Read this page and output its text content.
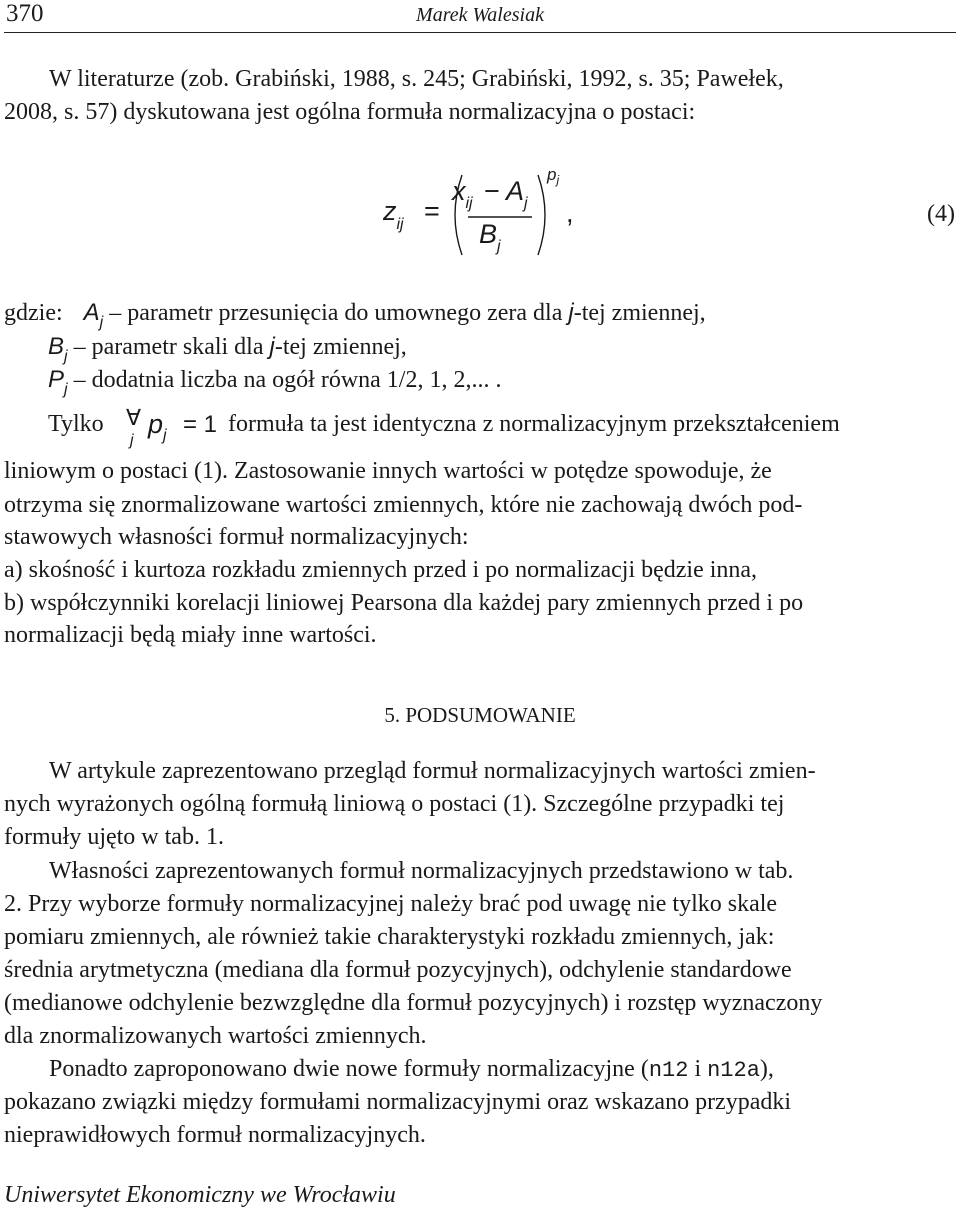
370	Marek Walesiak
W literaturze (zob. Grabiński, 1988, s. 245; Grabiński, 1992, s. 35; Pawełek,
2008, s. 57) dyskutowana jest ogólna formuła normalizacyjna o postaci:
$z_{ij}$ =
$x_{ij} - A_j$
$B_j$
$p_j$
,	(4)
gdzie: $A_j$ – parametr przesunięcia do umownego zera dla j-tej zmiennej,
$B_j$ – parametr skali dla j-tej zmiennej,
$P_j$ – dodatnia liczba na ogół równa 1/2, 1, 2,... .
Tylko ∀
j
$p_j = 1$ formuła ta jest identyczna z normalizacyjnym przekształceniem
liniowym o postaci (1). Zastosowanie innych wartości w potędze spowoduje, że
otrzyma się znormalizowane wartości zmiennych, które nie zachowają dwóch pod-
stawowych własności formuł normalizacyjnych:
a) skośność i kurtoza rozkładu zmiennych przed i po normalizacji będzie inna,
b) współczynniki korelacji liniowej Pearsona dla każdej pary zmiennych przed i po
normalizacji będą miały inne wartości.
5. PODSUMOWANIE
W artykule zaprezentowano przegląd formuł normalizacyjnych wartości zmien-
nych wyrażonych ogólną formułą liniową o postaci (1). Szczególne przypadki tej
formuły ujęto w tab. 1.
Własności zaprezentowanych formuł normalizacyjnych przedstawiono w tab.
2. Przy wyborze formuły normalizacyjnej należy brać pod uwagę nie tylko skale
pomiaru zmiennych, ale również takie charakterystyki rozkładu zmiennych, jak:
średnia arytmetyczna (mediana dla formuł pozycyjnych), odchylenie standardowe
(medianowe odchylenie bezwzględne dla formuł pozycyjnych) i rozstęp wyznaczony
dla znormalizowanych wartości zmiennych.
Ponadto zaproponowano dwie nowe formuły normalizacyjne (n12 i n12a),
pokazano związki między formułami normalizacyjnymi oraz wskazano przypadki
nieprawidłowych formuł normalizacyjnych.
Uniwersytet Ekonomiczny we Wrocławiu
